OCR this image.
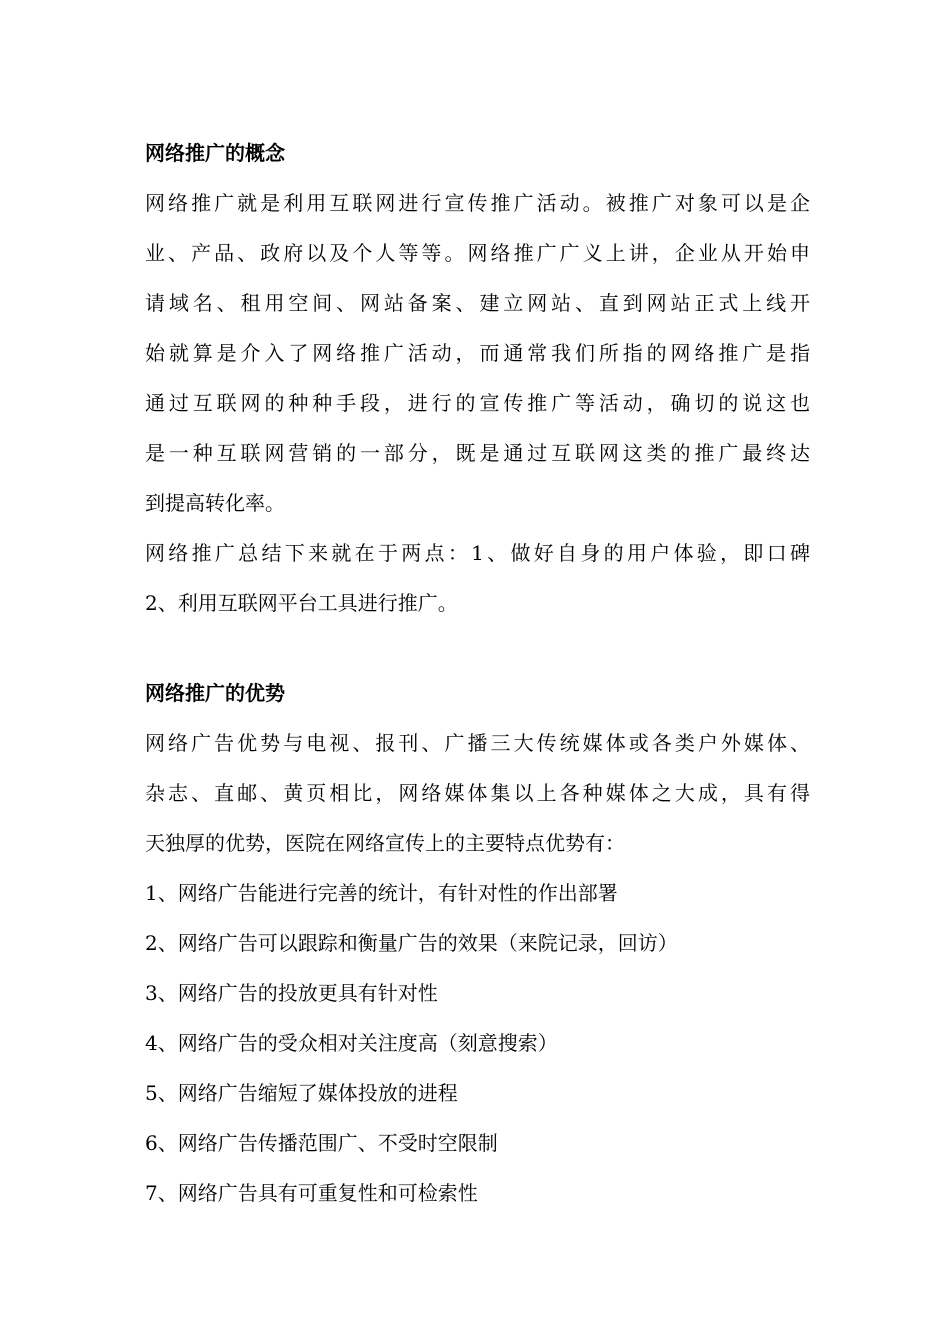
网络推广的概念
网络推广就是利用互联网进行宣传推广活动。被推广对象可以是企
业、产品、政府以及个人等等。网络推广广义上讲，企业从开始申
请域名、租用空间、网站备案、建立网站、直到网站正式上线开
始就算是介入了网络推广活动，而通常我们所指的网络推广是指
通过互联网的种种手段，进行的宣传推广等活动，确切的说这也
是一种互联网营销的一部分，既是通过互联网这类的推广最终达
到提高转化率。
网络推广总结下来就在于两点：1、做好自身的用户体验，即口碑
2、利用互联网平台工具进行推广。
网络推广的优势
网络广告优势与电视、报刊、广播三大传统媒体或各类户外媒体、
杂志、直邮、黄页相比，网络媒体集以上各种媒体之大成，具有得
天独厚的优势，医院在网络宣传上的主要特点优势有：
1、网络广告能进行完善的统计，有针对性的作出部署
2、网络广告可以跟踪和衡量广告的效果（来院记录，回访）
3、网络广告的投放更具有针对性
4、网络广告的受众相对关注度高（刻意搜索）
5、网络广告缩短了媒体投放的进程
6、网络广告传播范围广、不受时空限制
7、网络广告具有可重复性和可检索性
